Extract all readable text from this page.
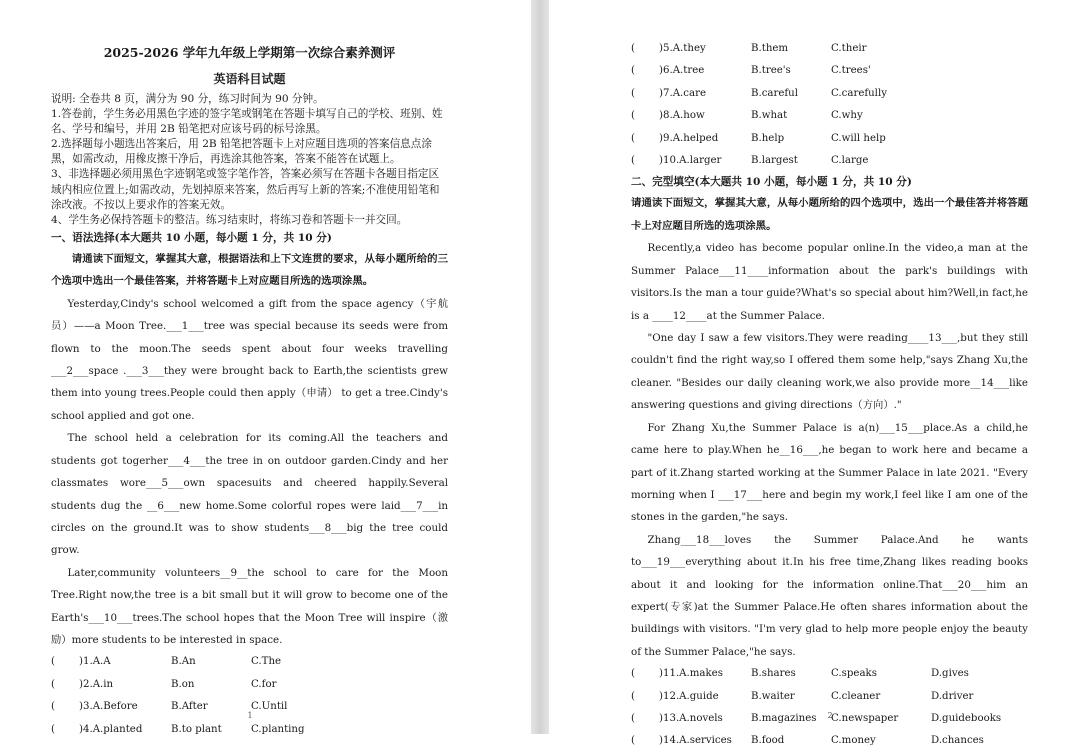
2025-2026 学年九年级上学期第一次综合素养测评

英语科目试题

说明: 全卷共 8 页，满分为 90 分，练习时间为 90 分钟。

1.答卷前，学生务必用黑色字迹的签字笔或钢笔在答题卡填写自己的学校、班别、姓名、学号和编号，并用 2B 铅笔把对应该号码的标号涂黑。

2.选择题每小题选出答案后，用 2B 铅笔把答题卡上对应题目选项的答案信息点涂黑，如需改动，用橡皮擦干净后，再选涂其他答案，答案不能答在试题上。

3、非选择题必须用黑色字迹钢笔或签字笔作答，答案必须写在答题卡各题目指定区域内相应位置上;如需改动，先划掉原来答案，然后再写上新的答案;不准使用铅笔和涂改液。不按以上要求作的答案无效。

4、学生务必保持答题卡的整洁。练习结束时，将练习卷和答题卡一并交回。

一、语法选择(本大题共 10 小题，每小题 1 分，共 10 分)

请通读下面短文，掌握其大意，根据语法和上下文连贯的要求，从每小题所给的三个选项中选出一个最佳答案，并将答题卡上对应题目所选的选项涂黑。

Yesterday,Cindy's school welcomed a gift from the space agency（宇航员）——a Moon Tree.___1___tree was special because its seeds were from flown to the moon.The seeds spent about four weeks travelling ___2___space .___3___they were brought back to Earth,the scientists grew them into young trees.People could then apply（申请） to get a tree.Cindy's school applied and got one.

The school held a celebration for its coming.All the teachers and students got togerher___4___the tree in on outdoor garden.Cindy and her classmates wore___5___own spacesuits and cheered happily.Several students dug the __6___new home.Some colorful ropes were laid___7___in circles on the ground.It was to show students___8___big the tree could grow.

Later,community volunteers__9__the school to care for the Moon Tree.Right now,the tree is a bit small but it will grow to become one of the Earth's___10___trees.The school hopes that the Moon Tree will inspire（激励）more students to be interested in space.

(	)1.A.A	B.An	C.The
(	)2.A.in	B.on	C.for
(	)3.A.Before	B.After	C.Until
(	)4.A.planted	B.to plant	C.planting
1
(	)5.A.they	B.them	C.their
(	)6.A.tree	B.tree's	C.trees'
(	)7.A.care	B.careful	C.carefully
(	)8.A.how	B.what	C.why
(	)9.A.helped	B.help	C.will help
(	)10.A.larger	B.largest	C.large

二、完型填空(本大题共 10 小题，每小题 1 分，共 10 分)

请通读下面短文，掌握其大意，从每小题所给的四个选项中，选出一个最佳答并将答题卡上对应题目所选的选项涂黑。

Recently,a video has become popular online.In the video,a man at the Summer Palace___11____information about the park's buildings with visitors.Is the man a tour guide?What's so special about him?Well,in fact,he is a ____12____at the Summer Palace.

"One day I saw a few visitors.They were reading____13___,but they still couldn't find the right way,so I offered them some help,"says Zhang Xu,the cleaner. "Besides our daily cleaning work,we also provide more__14___like answering questions and giving directions（方向）."

For Zhang Xu,the Summer Palace is a(n)___15___place.As a child,he came here to play.When he__16___,he began to work here and became a part of it.Zhang started working at the Summer Palace in late 2021. "Every morning when I ___17___here and begin my work,I feel like I am one of the stones in the garden,"he says.

Zhang___18___loves the Summer Palace.And he wants to___19___everything about it.In his free time,Zhang likes reading books about it and looking for the information online.That___20___him an expert(专家)at the Summer Palace.He often shares information about the buildings with visitors. "I'm very glad to help more people enjoy the beauty of the Summer Palace,"he says.

(	)11.A.makes	B.shares	C.speaks	D.gives
(	)12.A.guide	B.waiter	C.cleaner	D.driver
(	)13.A.novels	B.magazines	C.newspaper	D.guidebooks
(	)14.A.services	B.food	C.money	D.chances
2
